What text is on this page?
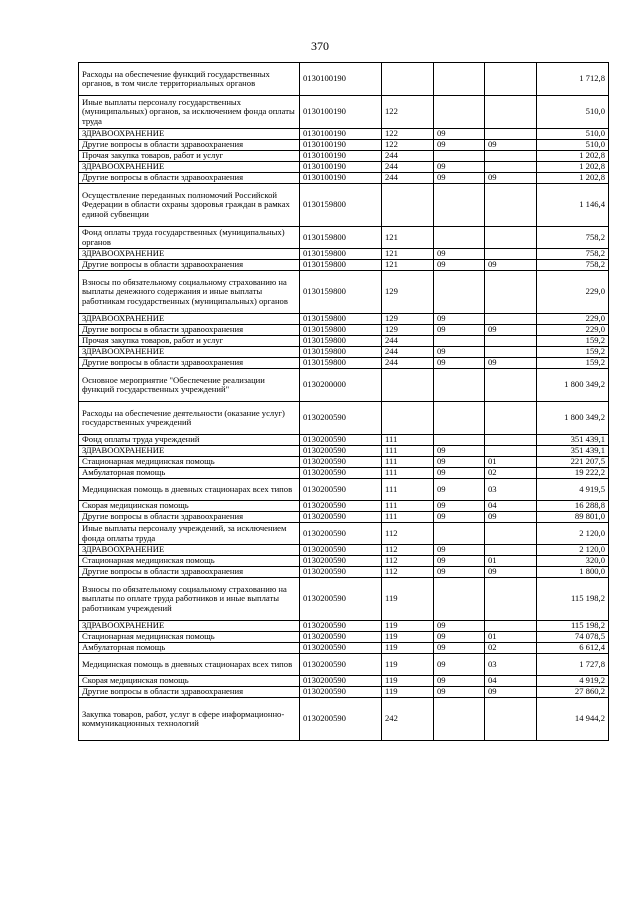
370
Расходы на обеспечение функций государственных органов, в том числе территориальных органов	0130100190				1 712,8
Иные выплаты персоналу государственных (муниципальных) органов, за исключением фонда оплаты труда	0130100190	122			510,0
ЗДРАВООХРАНЕНИЕ	0130100190	122	09		510,0
Другие вопросы в области здравоохранения	0130100190	122	09	09	510,0
Прочая закупка товаров, работ и услуг	0130100190	244			1 202,8
ЗДРАВООХРАНЕНИЕ	0130100190	244	09		1 202,8
Другие вопросы в области здравоохранения	0130100190	244	09	09	1 202,8
Осуществление переданных полномочий Российской Федерации в области охраны здоровья граждан в рамках единой субвенции	0130159800				1 146,4
Фонд оплаты труда государственных (муниципальных) органов	0130159800	121			758,2
ЗДРАВООХРАНЕНИЕ	0130159800	121	09		758,2
Другие вопросы в области здравоохранения	0130159800	121	09	09	758,2
Взносы по обязательному социальному страхованию на выплаты денежного содержания и иные выплаты работникам государственных (муниципальных) органов	0130159800	129			229,0
ЗДРАВООХРАНЕНИЕ	0130159800	129	09		229,0
Другие вопросы в области здравоохранения	0130159800	129	09	09	229,0
Прочая закупка товаров, работ и услуг	0130159800	244			159,2
ЗДРАВООХРАНЕНИЕ	0130159800	244	09		159,2
Другие вопросы в области здравоохранения	0130159800	244	09	09	159,2
Основное мероприятие "Обеспечение реализации функций государственных учреждений"	0130200000				1 800 349,2
Расходы на обеспечение деятельности (оказание услуг) государственных учреждений	0130200590				1 800 349,2
Фонд оплаты труда учреждений	0130200590	111			351 439,1
ЗДРАВООХРАНЕНИЕ	0130200590	111	09		351 439,1
Стационарная медицинская помощь	0130200590	111	09	01	221 207,5
Амбулаторная помощь	0130200590	111	09	02	19 222,2
Медицинская помощь в дневных стационарах всех типов	0130200590	111	09	03	4 919,5
Скорая медицинская помощь	0130200590	111	09	04	16 288,8
Другие вопросы в области здравоохранения	0130200590	111	09	09	89 801,0
Иные выплаты персоналу учреждений, за исключением фонда оплаты труда	0130200590	112			2 120,0
ЗДРАВООХРАНЕНИЕ	0130200590	112	09		2 120,0
Стационарная медицинская помощь	0130200590	112	09	01	320,0
Другие вопросы в области здравоохранения	0130200590	112	09	09	1 800,0
Взносы по обязательному социальному страхованию на выплаты по оплате труда работников и иные выплаты работникам учреждений	0130200590	119			115 198,2
ЗДРАВООХРАНЕНИЕ	0130200590	119	09		115 198,2
Стационарная медицинская помощь	0130200590	119	09	01	74 078,5
Амбулаторная помощь	0130200590	119	09	02	6 612,4
Медицинская помощь в дневных стационарах всех типов	0130200590	119	09	03	1 727,8
Скорая медицинская помощь	0130200590	119	09	04	4 919,2
Другие вопросы в области здравоохранения	0130200590	119	09	09	27 860,2
Закупка товаров, работ, услуг в сфере информационно-коммуникационных технологий	0130200590	242			14 944,2
